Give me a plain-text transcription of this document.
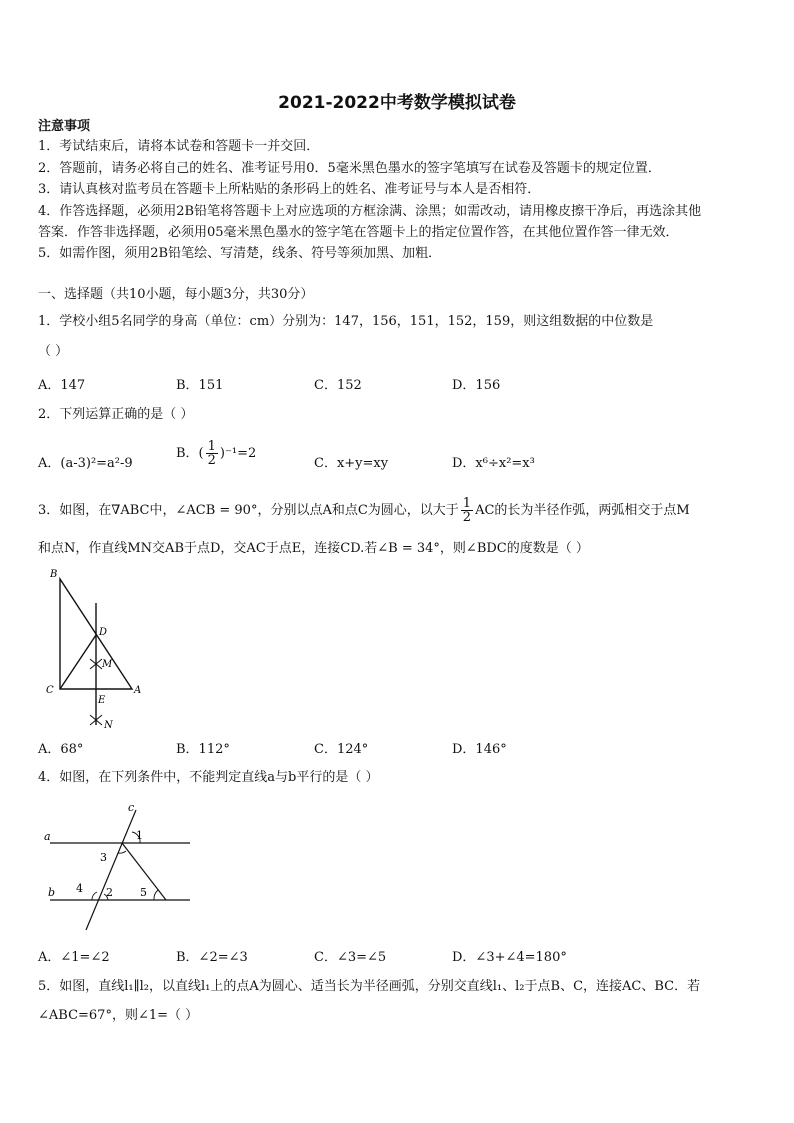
2021-2022中考数学模拟试卷
注意事项
1．考试结束后，请将本试卷和答题卡一并交回．
2．答题前，请务必将自己的姓名、准考证号用0．5毫米黑色墨水的签字笔填写在试卷及答题卡的规定位置．
3．请认真核对监考员在答题卡上所粘贴的条形码上的姓名、准考证号与本人是否相符．
4．作答选择题，必须用2B铅笔将答题卡上对应选项的方框涂满、涂黑；如需改动，请用橡皮擦干净后，再选涂其他
答案．作答非选择题，必须用05毫米黑色墨水的签字笔在答题卡上的指定位置作答，在其他位置作答一律无效．
5．如需作图，须用2B铅笔绘、写清楚，线条、符号等须加黑、加粗．
一、选择题（共10小题，每小题3分，共30分）
1．学校小组5名同学的身高（单位：cm）分别为：147，156，151，152，159，则这组数据的中位数是
（ ）
A．147	B．151	C．152	D．156
2．下列运算正确的是（ ）
A．(a-3)²=a²-9
B．( $\frac{1}{2} )^{-1}=2$
C．x+y=xy	D．x⁶÷x²=x³
3．如图，在∇ABC中，∠ACB = 90°，分别以点A和点C为圆心，以大于 $\frac{1}{2}$ AC的长为半径作弧，两弧相交于点M
和点N，作直线MN交AB于点D，交AC于点E，连接CD.若∠B = 34°，则∠BDC的度数是（ ）
B
D
M
C
E
A
N
A．68°	B．112°	C．124°	D．146°
4．如图，在下列条件中，不能判定直线a与b平行的是（ ）
c
a
b
1
3
4 2 5
A．∠1=∠2	B．∠2=∠3	C．∠3=∠5	D．∠3+∠4=180°
5．如图，直线l₁∥l₂，以直线l₁上的点A为圆心、适当长为半径画弧，分别交直线l₁、l₂于点B、C，连接AC、BC．若
∠ABC=67°，则∠1=（ ）
